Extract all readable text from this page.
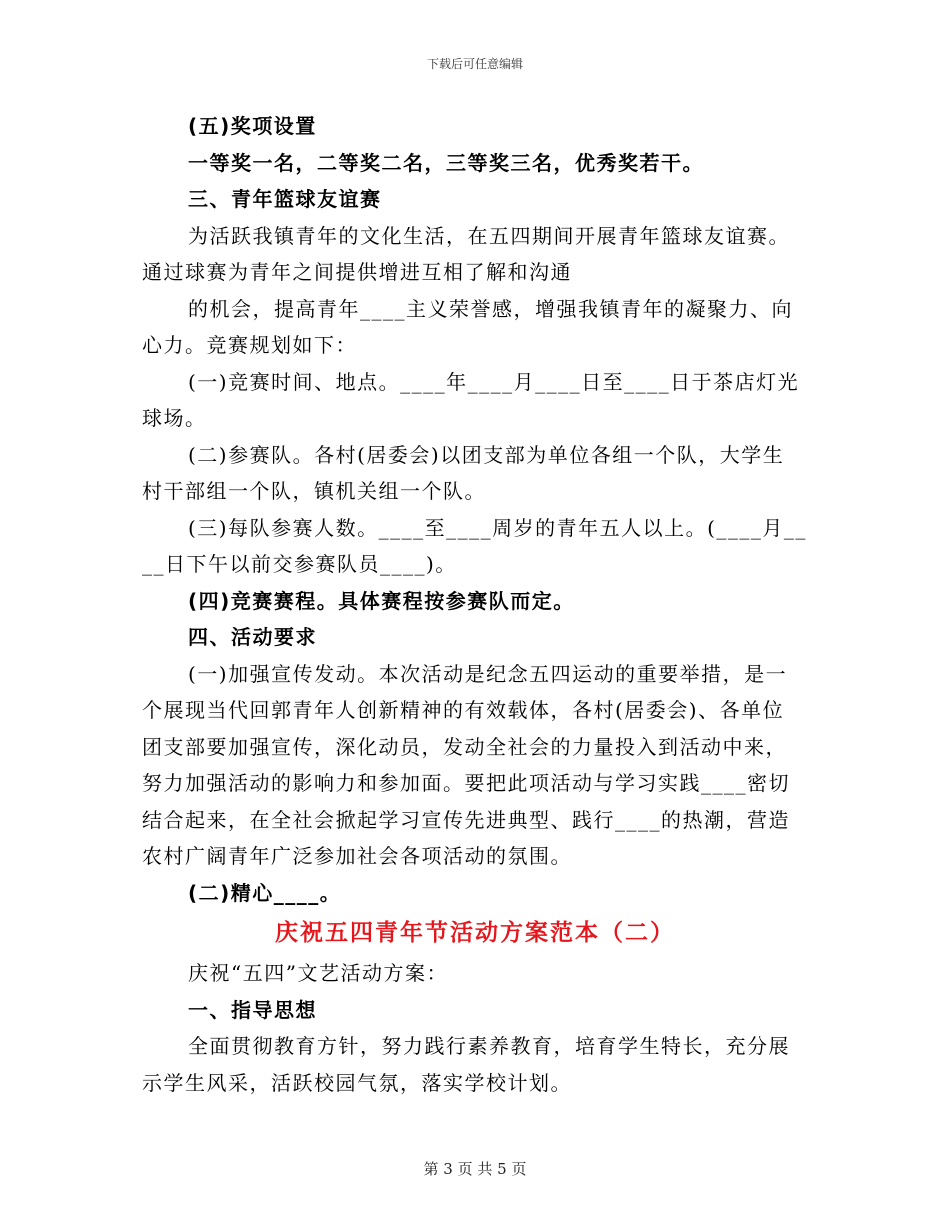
下载后可任意编辑
(五)奖项设置
一等奖一名，二等奖二名，三等奖三名，优秀奖若干。
三、青年篮球友谊赛
为活跃我镇青年的文化生活，在五四期间开展青年篮球友谊赛。
通过球赛为青年之间提供增进互相了解和沟通
的机会，提高青年____主义荣誉感，增强我镇青年的凝聚力、向
心力。竞赛规划如下：
(一)竞赛时间、地点。____年____月____日至____日于茶店灯光
球场。
(二)参赛队。各村(居委会)以团支部为单位各组一个队，大学生
村干部组一个队，镇机关组一个队。
(三)每队参赛人数。____至____周岁的青年五人以上。(____月__
__日下午以前交参赛队员____)。
(四)竞赛赛程。具体赛程按参赛队而定。
四、活动要求
(一)加强宣传发动。本次活动是纪念五四运动的重要举措，是一
个展现当代回郭青年人创新精神的有效载体，各村(居委会)、各单位
团支部要加强宣传，深化动员，发动全社会的力量投入到活动中来，
努力加强活动的影响力和参加面。要把此项活动与学习实践____密切
结合起来，在全社会掀起学习宣传先进典型、践行____的热潮，营造
农村广阔青年广泛参加社会各项活动的氛围。
(二)精心____。
庆祝五四青年节活动方案范本（二）
庆祝“五四”文艺活动方案：
一、指导思想
全面贯彻教育方针，努力践行素养教育，培育学生特长，充分展
示学生风采，活跃校园气氛，落实学校计划。
第 3 页 共 5 页
